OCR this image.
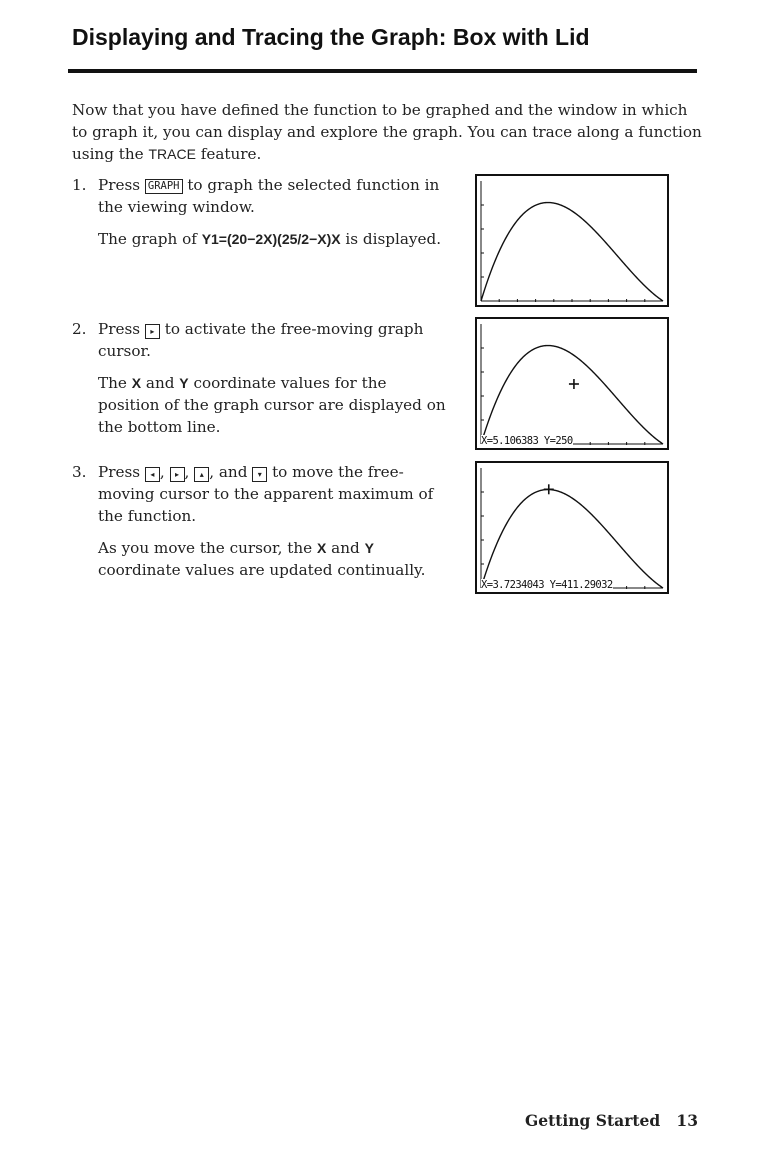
Displaying and Tracing the Graph: Box with Lid

Now that you have defined the function to be graphed and the window in which to graph it, you can display and explore the graph. You can trace along a function using the TRACE feature.

1. Press GRAPH to graph the selected function in the viewing window.

The graph of Y1=(20−2X)(25/2−X)X is displayed.

2. Press ▸ to activate the free-moving graph cursor.

The X and Y coordinate values for the position of the graph cursor are displayed on the bottom line.

3. Press ◂ , ▸ , ▴ , and ▾ to move the free-moving cursor to the apparent maximum of the function.

As you move the cursor, the X and Y coordinate values are updated continually.

X=5.106383 Y=250
X=3.7234043 Y=411.29032
Getting Started 13
